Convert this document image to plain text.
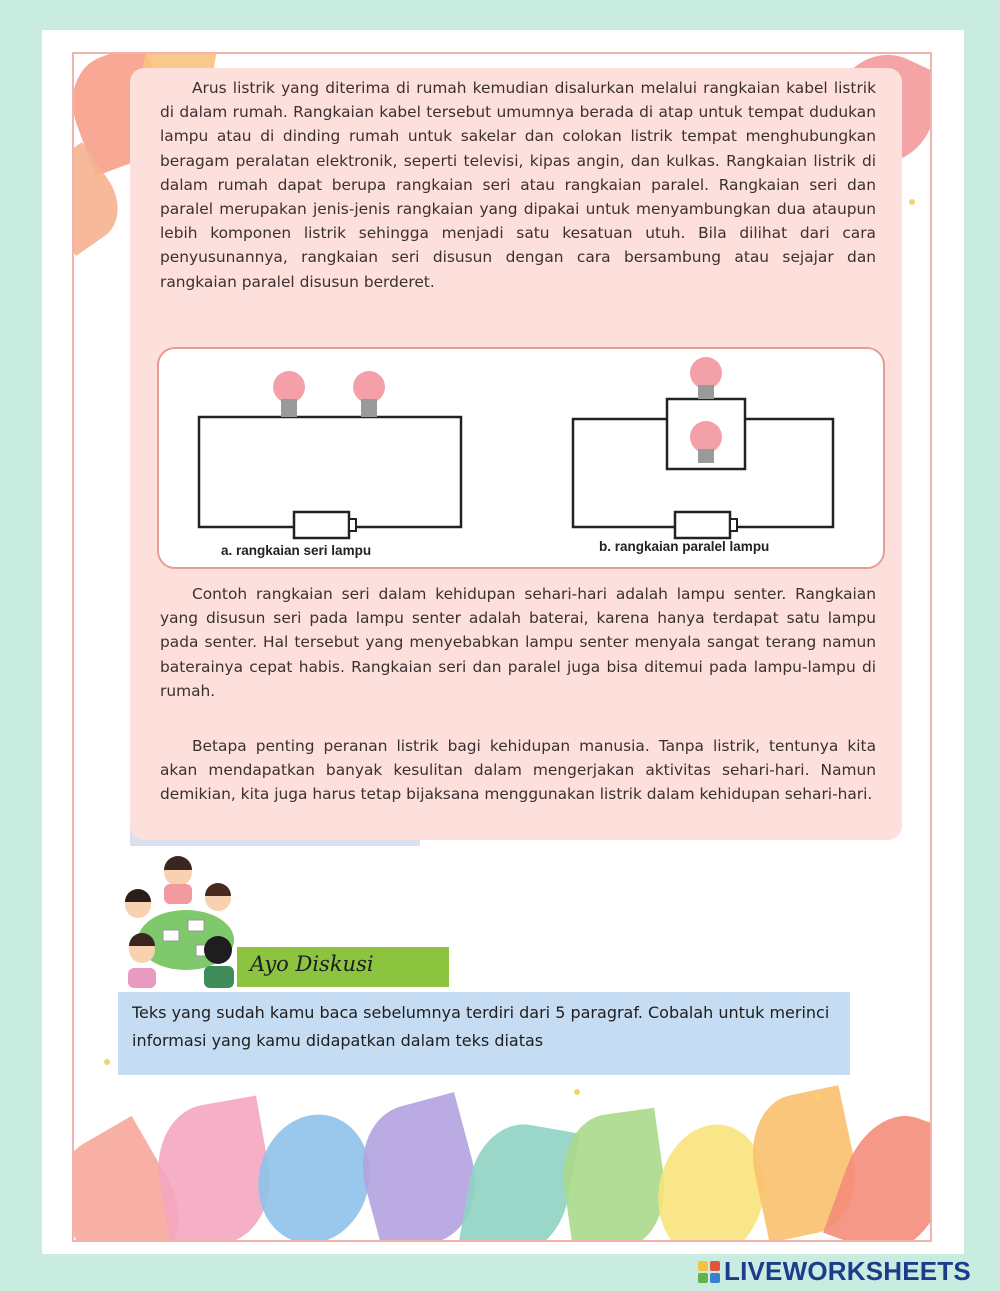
Arus listrik yang diterima di rumah kemudian disalurkan melalui rangkaian kabel listrik di dalam rumah. Rangkaian kabel tersebut umumnya berada di atap untuk tempat dudukan lampu atau di dinding rumah untuk sakelar dan colokan listrik tempat menghubungkan beragam peralatan elektronik, seperti televisi, kipas angin, dan kulkas. Rangkaian listrik di dalam rumah dapat berupa rangkaian seri atau rangkaian paralel. Rangkaian seri dan paralel merupakan jenis-jenis rangkaian yang dipakai untuk menyambungkan dua ataupun lebih komponen listrik sehingga menjadi satu kesatuan utuh. Bila dilihat dari cara penyusunannya, rangkaian seri disusun dengan cara bersambung atau sejajar dan rangkaian paralel disusun berderet.

a. rangkaian seri lampu	b. rangkaian paralel lampu

Contoh rangkaian seri dalam kehidupan sehari-hari adalah lampu senter. Rangkaian yang disusun seri pada lampu senter adalah baterai, karena hanya terdapat satu lampu pada senter. Hal tersebut yang menyebabkan lampu senter menyala sangat terang namun baterainya cepat habis. Rangkaian seri dan paralel juga bisa ditemui pada lampu-lampu di rumah.

Betapa penting peranan listrik bagi kehidupan manusia. Tanpa listrik, tentunya kita akan mendapatkan banyak kesulitan dalam mengerjakan aktivitas sehari-hari. Namun demikian, kita juga harus tetap bijaksana menggunakan listrik dalam kehidupan sehari-hari.

Ayo Diskusi

Teks yang sudah kamu baca sebelumnya terdiri dari 5 paragraf. Cobalah untuk merinci informasi yang kamu didapatkan dalam teks diatas

LIVEWORKSHEETS
